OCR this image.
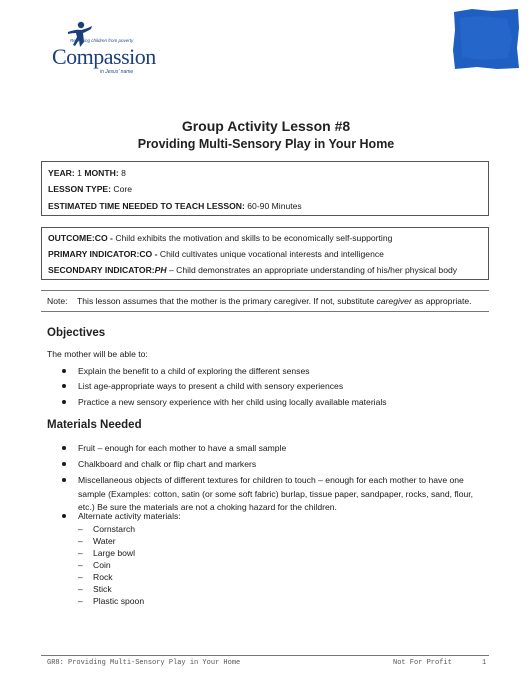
Releasing children from poverty
Compassion
in Jesus' name
Group Activity Lesson #8
Providing Multi-Sensory Play in Your Home
YEAR: 1 MONTH: 8
LESSON TYPE: Core
ESTIMATED TIME NEEDED TO TEACH LESSON: 60-90 Minutes
OUTCOME:CO - Child exhibits the motivation and skills to be economically self-supporting
PRIMARY INDICATOR:CO - Child cultivates unique vocational interests and intelligence
SECONDARY INDICATOR:PH – Child demonstrates an appropriate understanding of his/her physical body
Note: This lesson assumes that the mother is the primary caregiver. If not, substitute caregiver as appropriate.
Objectives
The mother will be able to:
Explain the benefit to a child of exploring the different senses
List age-appropriate ways to present a child with sensory experiences
Practice a new sensory experience with her child using locally available materials
Materials Needed
Fruit – enough for each mother to have a small sample
Chalkboard and chalk or flip chart and markers
Miscellaneous objects of different textures for children to touch – enough for each mother to have one
sample (Examples: cotton, satin (or some soft fabric) burlap, tissue paper, sandpaper, rocks, sand, flour,
etc.) Be sure the materials are not a choking hazard for the children.
Alternate activity materials:
– Cornstarch
– Water
– Large bowl
– Coin
– Rock
– Stick
– Plastic spoon
GR8: Providing Multi-Sensory Play in Your Home	Not For Profit	1
